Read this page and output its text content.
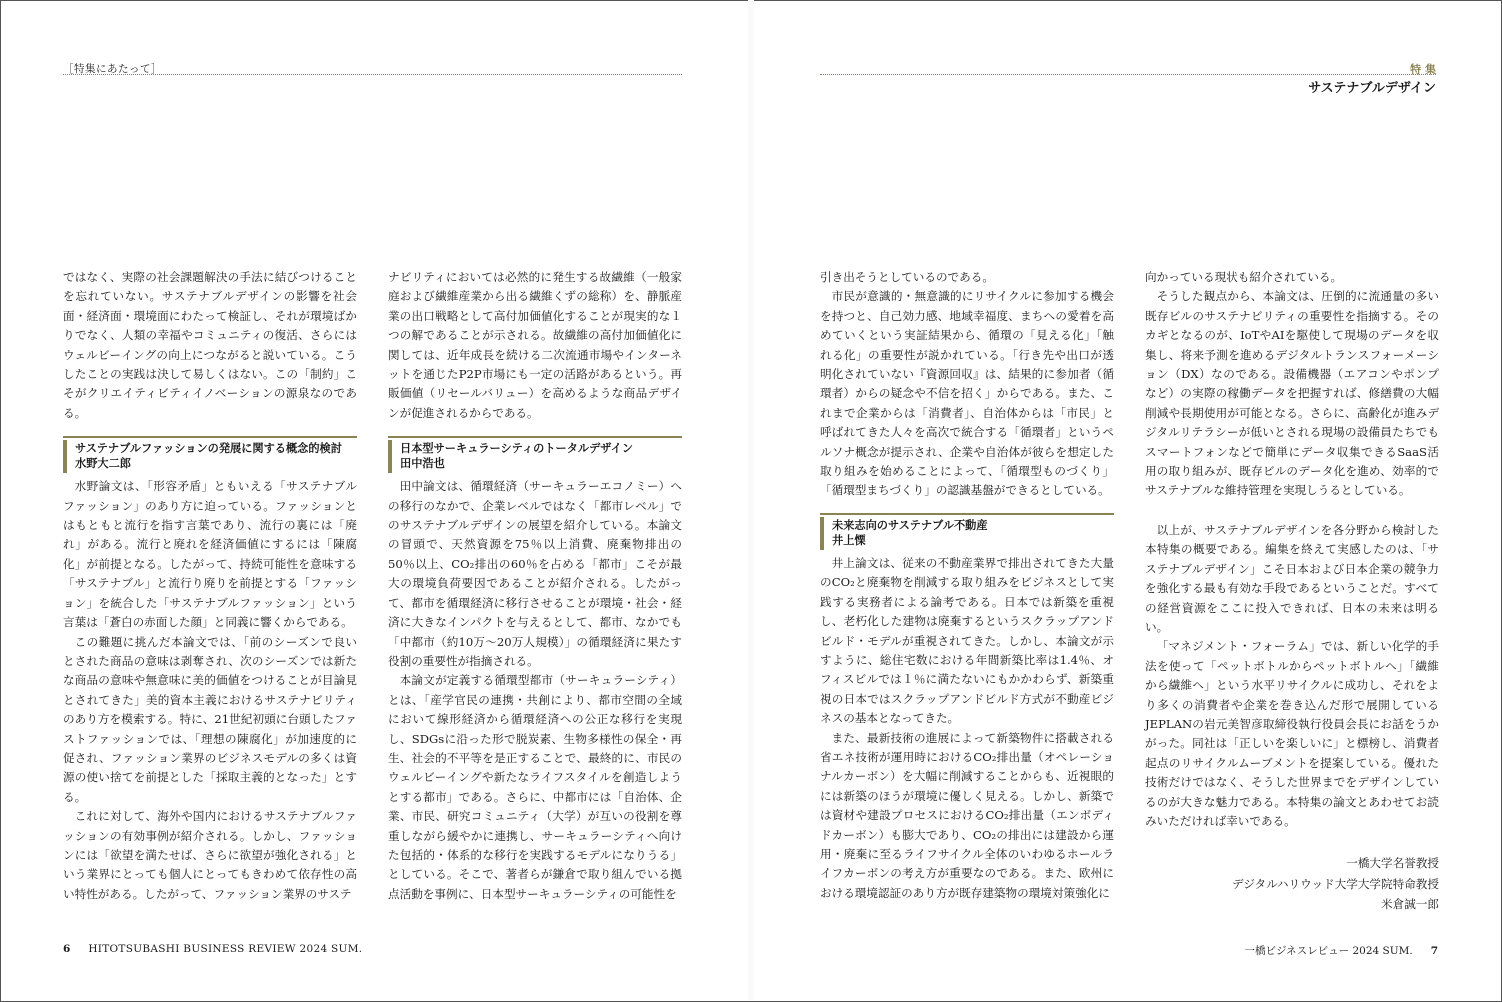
［特集にあたって］	特 集
サステナブルデザイン

ではなく、実際の社会課題解決の手法に結びつけることを忘れていない。サステナブルデザインの影響を社会面・経済面・環境面にわたって検証し、それが環境ばかりでなく、人類の幸福やコミュニティの復活、さらにはウェルビーイングの向上につながると説いている。こうしたことの実践は決して易しくはない。この「制約」こそがクリエイティビティイノベーションの源泉なのである。

サステナブルファッションの発展に関する概念的検討
水野大二郎

水野論文は、「形容矛盾」ともいえる「サステナブルファッション」のあり方に迫っている。ファッションとはもともと流行を指す言葉であり、流行の裏には「廃れ」がある。流行と廃れを経済価値にするには「陳腐化」が前提となる。したがって、持続可能性を意味する「サステナブル」と流行り廃りを前提とする「ファッション」を統合した「サステナブルファッション」という言葉は「蒼白の赤面した顔」と同義に響くからである。

この難題に挑んだ本論文では、「前のシーズンで良いとされた商品の意味は剥奪され、次のシーズンでは新たな商品の意味や無意味に美的価値をつけることが目論見とされてきた」美的資本主義におけるサステナビリティのあり方を模索する。特に、21世紀初頭に台頭したファストファッションでは、「理想の陳腐化」が加速度的に促され、ファッション業界のビジネスモデルの多くは資源の使い捨てを前提とした「採取主義的となった」とする。

これに対して、海外や国内におけるサステナブルファッションの有効事例が紹介される。しかし、ファッションには「欲望を満たせば、さらに欲望が強化される」という業界にとっても個人にとってもきわめて依存性の高い特性がある。したがって、ファッション業界のサステ

ナビリティにおいては必然的に発生する故繊維（一般家庭および繊維産業から出る繊維くずの総称）を、静脈産業の出口戦略として高付加価値化することが現実的な１つの解であることが示される。故繊維の高付加価値化に関しては、近年成長を続ける二次流通市場やインターネットを通じたP2P市場にも一定の活路があるという。再販価値（リセールバリュー）を高めるような商品デザインが促進されるからである。

日本型サーキュラーシティのトータルデザイン
田中浩也

田中論文は、循環経済（サーキュラーエコノミー）への移行のなかで、企業レベルではなく「都市レベル」でのサステナブルデザインの展望を紹介している。本論文の冒頭で、天然資源を75％以上消費、廃棄物排出の50％以上、CO₂排出の60％を占める「都市」こそが最大の環境負荷要因であることが紹介される。したがって、都市を循環経済に移行させることが環境・社会・経済に大きなインパクトを与えるとして、都市、なかでも「中都市（約10万～20万人規模）」の循環経済に果たす役割の重要性が指摘される。

本論文が定義する循環型都市（サーキュラーシティ）とは、「産学官民の連携・共創により、都市空間の全域において線形経済から循環経済への公正な移行を実現し、SDGsに沿った形で脱炭素、生物多様性の保全・再生、社会的不平等を是正することで、最終的に、市民のウェルビーイングや新たなライフスタイルを創造しようとする都市」である。さらに、中都市には「自治体、企業、市民、研究コミュニティ（大学）が互いの役割を尊重しながら緩やかに連携し、サーキュラーシティへ向けた包括的・体系的な移行を実践するモデルになりうる」としている。そこで、著者らが鎌倉で取り組んでいる拠点活動を事例に、日本型サーキュラーシティの可能性を

引き出そうとしているのである。

市民が意識的・無意識的にリサイクルに参加する機会を持つと、自己効力感、地域幸福度、まちへの愛着を高めていくという実証結果から、循環の「見える化」「触れる化」の重要性が説かれている。「行き先や出口が透明化されていない『資源回収』は、結果的に参加者（循環者）からの疑念や不信を招く」からである。また、これまで企業からは「消費者」、自治体からは「市民」と呼ばれてきた人々を高次で統合する「循環者」というペルソナ概念が提示され、企業や自治体が彼らを想定した取り組みを始めることによって、「循環型ものづくり」「循環型まちづくり」の認識基盤ができるとしている。

未来志向のサステナブル不動産
井上慄

井上論文は、従来の不動産業界で排出されてきた大量のCO₂と廃棄物を削減する取り組みをビジネスとして実践する実務者による論考である。日本では新築を重視し、老朽化した建物は廃棄するというスクラップアンドビルド・モデルが重視されてきた。しかし、本論文が示すように、総住宅数における年間新築比率は1.4％、オフィスビルでは１％に満たないにもかかわらず、新築重視の日本ではスクラップアンドビルド方式が不動産ビジネスの基本となってきた。

また、最新技術の進展によって新築物件に搭載される省エネ技術が運用時におけるCO₂排出量（オペレーショナルカーボン）を大幅に削減することからも、近視眼的には新築のほうが環境に優しく見える。しかし、新築では資材や建設プロセスにおけるCO₂排出量（エンボディドカーボン）も膨大であり、CO₂の排出には建設から運用・廃棄に至るライフサイクル全体のいわゆるホールライフカーボンの考え方が重要なのである。また、欧州における環境認証のあり方が既存建築物の環境対策強化に

向かっている現状も紹介されている。

そうした観点から、本論文は、圧倒的に流通量の多い既存ビルのサステナビリティの重要性を指摘する。そのカギとなるのが、IoTやAIを駆使して現場のデータを収集し、将来予測を進めるデジタルトランスフォーメーション（DX）なのである。設備機器（エアコンやポンプなど）の実際の稼働データを把握すれば、修繕費の大幅削減や長期使用が可能となる。さらに、高齢化が進みデジタルリテラシーが低いとされる現場の設備員たちでもスマートフォンなどで簡単にデータ収集できるSaaS活用の取り組みが、既存ビルのデータ化を進め、効率的でサステナブルな維持管理を実現しうるとしている。

以上が、サステナブルデザインを各分野から検討した本特集の概要である。編集を終えて実感したのは、「サステナブルデザイン」こそ日本および日本企業の競争力を強化する最も有効な手段であるということだ。すべての経営資源をここに投入できれば、日本の未来は明るい。

「マネジメント・フォーラム」では、新しい化学的手法を使って「ペットボトルからペットボトルへ」「繊維から繊維へ」という水平リサイクルに成功し、それをより多くの消費者や企業を巻き込んだ形で展開しているJEPLANの岩元美智彦取締役執行役員会長にお話をうかがった。同社は「正しいを楽しいに」と標榜し、消費者起点のリサイクルムーブメントを提案している。優れた技術だけではなく、そうした世界までをデザインしているのが大きな魅力である。本特集の論文とあわせてお読みいただければ幸いである。

一橋大学名誉教授
デジタルハリウッド大学大学院特命教授
米倉誠一郎
6 HITOTSUBASHI BUSINESS REVIEW 2024 SUM.	一橋ビジネスレビュー 2024 SUM. 7
